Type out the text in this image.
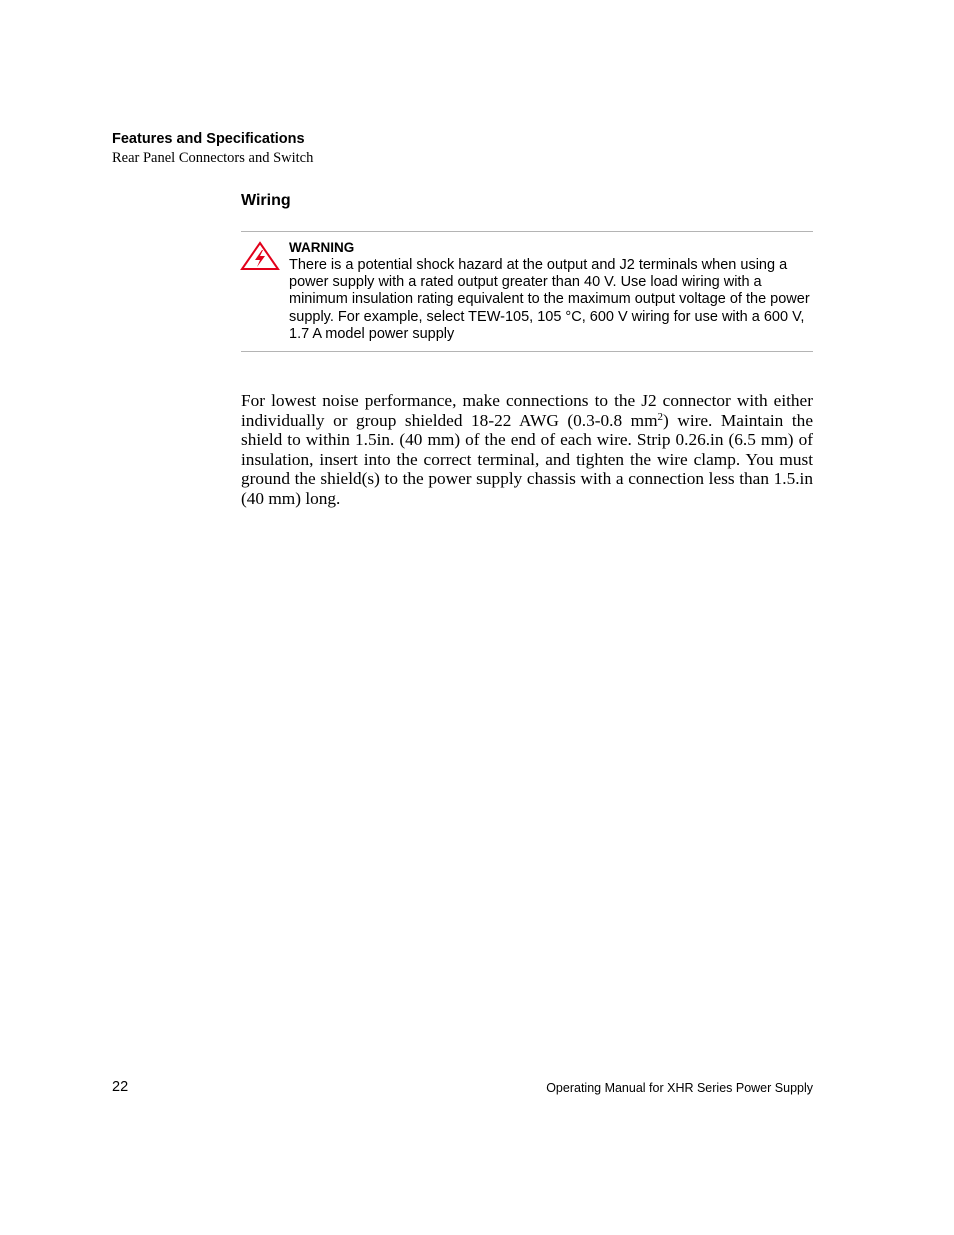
Features and Specifications
Rear Panel Connectors and Switch
Wiring
WARNING
There is a potential shock hazard at the output and J2 terminals when using a power supply with a rated output greater than 40 V. Use load wiring with a minimum insulation rating equivalent to the maximum output voltage of the power supply. For example, select TEW-105, 105 °C, 600 V wiring for use with a 600 V, 1.7 A model power supply

For lowest noise performance, make connections to the J2 connector with either individually or group shielded 18-22 AWG (0.3-0.8 $mm^2$) wire. Maintain the shield to within 1.5in. (40 mm) of the end of each wire. Strip 0.26.in (6.5 mm) of insulation, insert into the correct terminal, and tighten the wire clamp. You must ground the shield(s) to the power supply chassis with a connection less than 1.5.in (40 mm) long.

22	Operating Manual for XHR Series Power Supply
